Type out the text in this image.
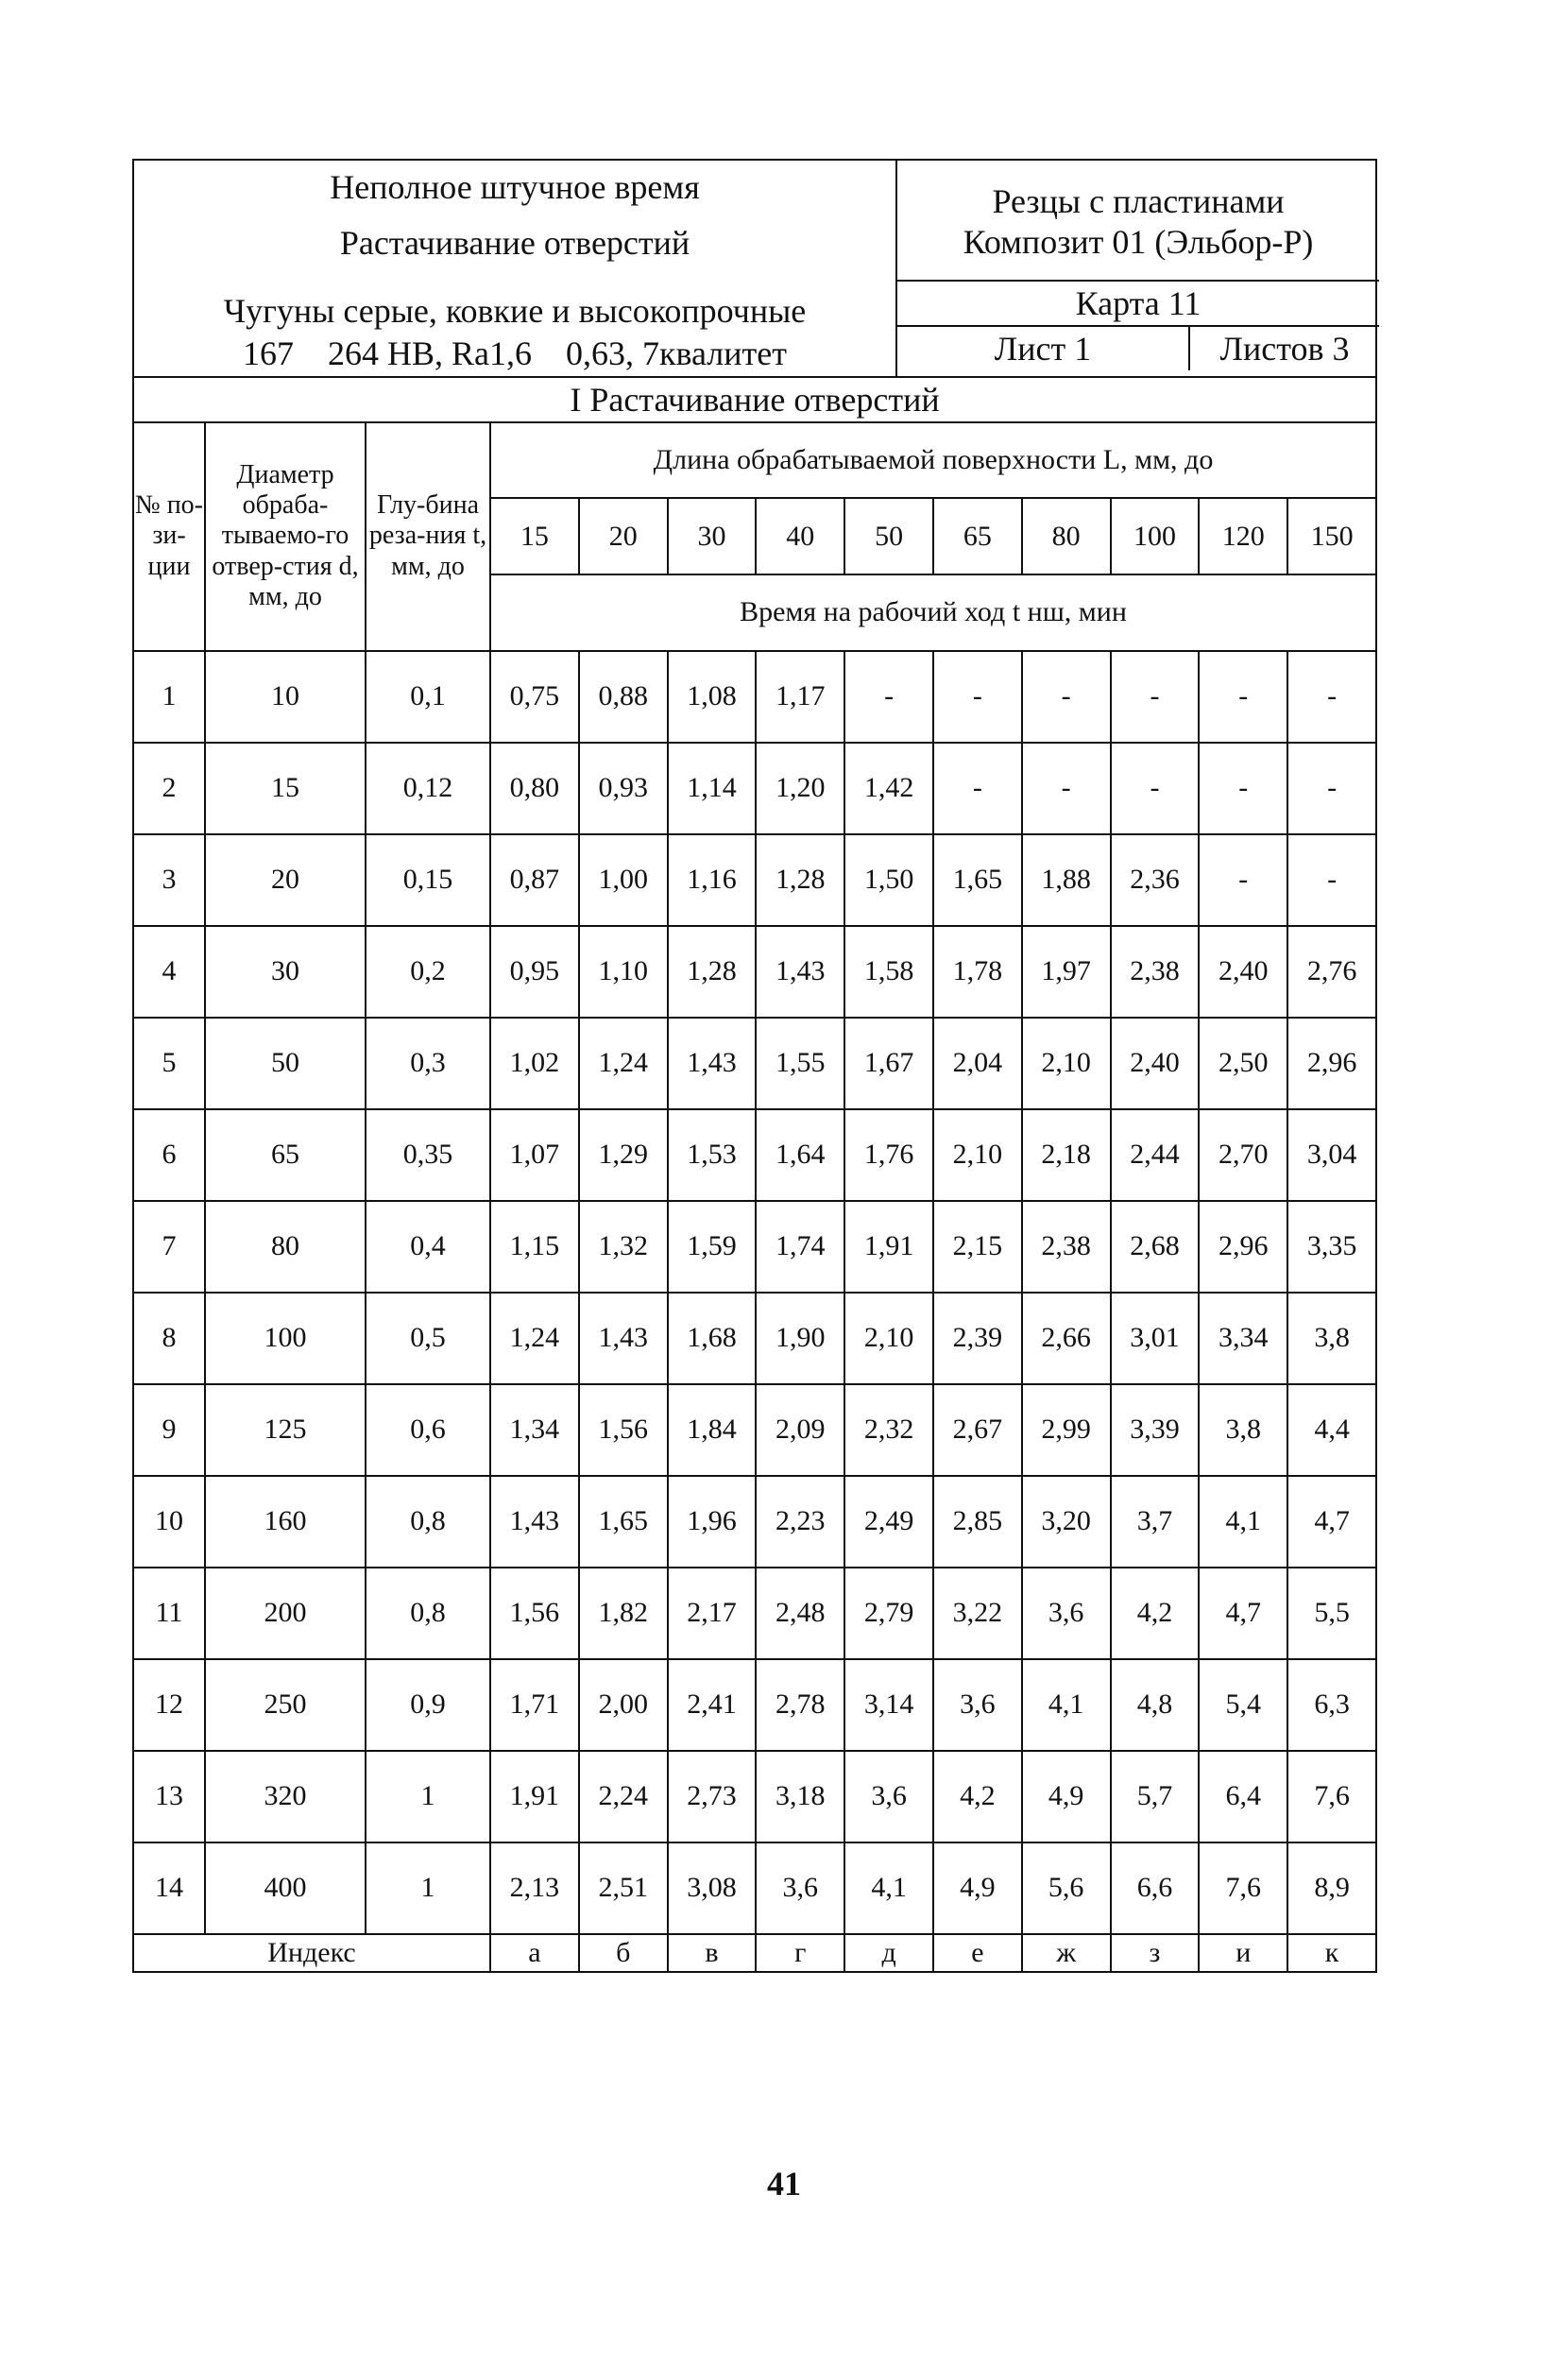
Неполное штучное время
Растачивание отверстий
Чугуны серые, ковкие и высокопрочные
167    264 HB, Ra1,6    0,63, 7квалитет
Резцы с пластинами
Композит 01 (Эльбор-Р)
Карта 11
Лист 1	Листов 3
I Растачивание отверстий
№ по-зи-ции	Диаметр обраба-тываемо-го отвер-стия d, мм, до	Глу-бина реза-ния t, мм, до	Длина обрабатываемой поверхности L, мм, до									
			15	20	30	40	50	65	80	100	120	150
			Время на рабочий ход t нш, мин									
1	10	0,1	0,75	0,88	1,08	1,17	-	-	-	-	-	-
2	15	0,12	0,80	0,93	1,14	1,20	1,42	-	-	-	-	-
3	20	0,15	0,87	1,00	1,16	1,28	1,50	1,65	1,88	2,36	-	-
4	30	0,2	0,95	1,10	1,28	1,43	1,58	1,78	1,97	2,38	2,40	2,76
5	50	0,3	1,02	1,24	1,43	1,55	1,67	2,04	2,10	2,40	2,50	2,96
6	65	0,35	1,07	1,29	1,53	1,64	1,76	2,10	2,18	2,44	2,70	3,04
7	80	0,4	1,15	1,32	1,59	1,74	1,91	2,15	2,38	2,68	2,96	3,35
8	100	0,5	1,24	1,43	1,68	1,90	2,10	2,39	2,66	3,01	3,34	3,8
9	125	0,6	1,34	1,56	1,84	2,09	2,32	2,67	2,99	3,39	3,8	4,4
10	160	0,8	1,43	1,65	1,96	2,23	2,49	2,85	3,20	3,7	4,1	4,7
11	200	0,8	1,56	1,82	2,17	2,48	2,79	3,22	3,6	4,2	4,7	5,5
12	250	0,9	1,71	2,00	2,41	2,78	3,14	3,6	4,1	4,8	5,4	6,3
13	320	1	1,91	2,24	2,73	3,18	3,6	4,2	4,9	5,7	6,4	7,6
14	400	1	2,13	2,51	3,08	3,6	4,1	4,9	5,6	6,6	7,6	8,9
Индекс			а	б	в	г	д	е	ж	з	и	к
41
